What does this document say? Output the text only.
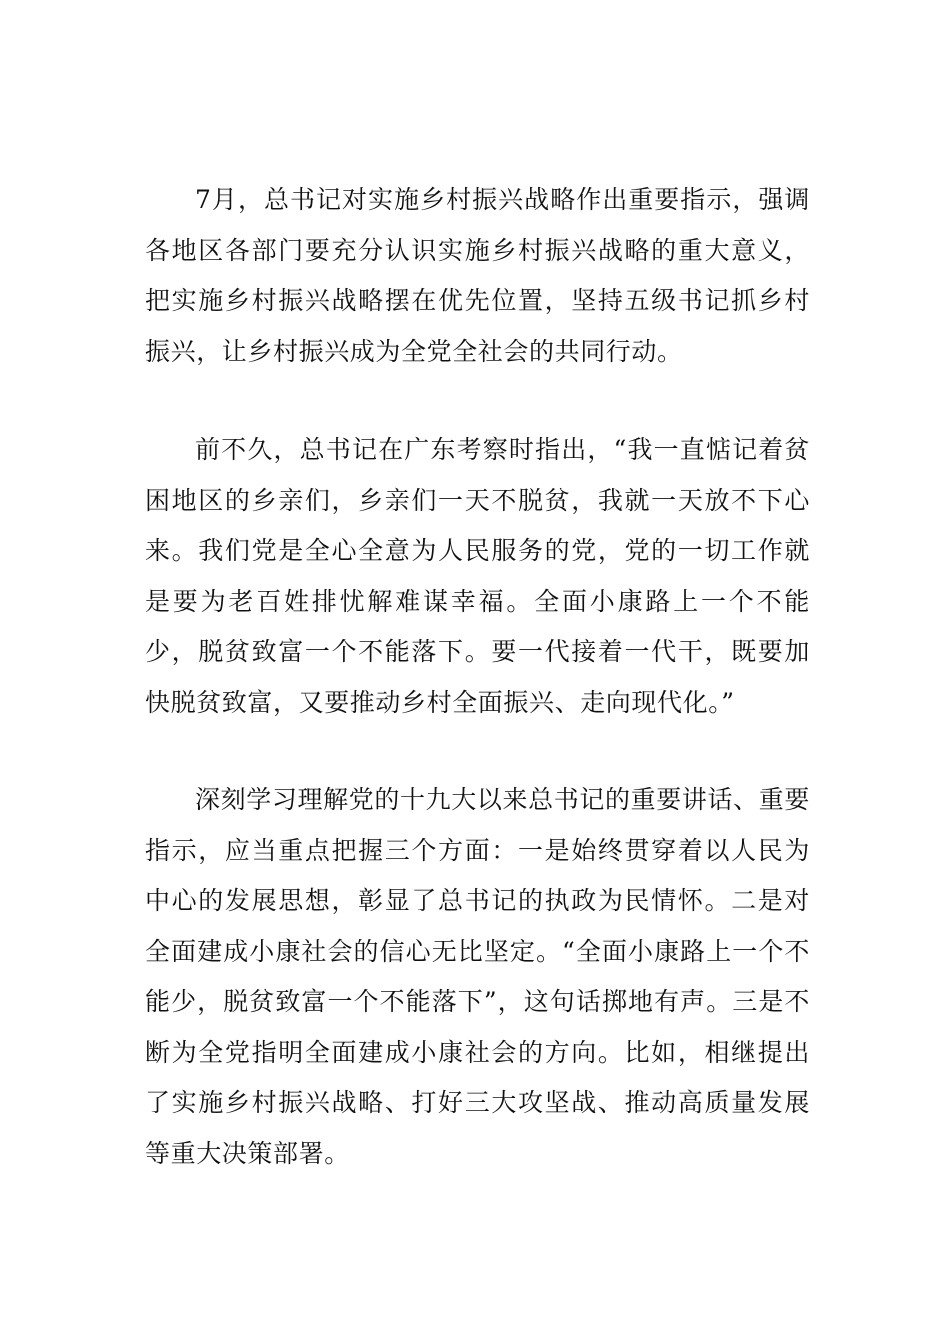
7月，总书记对实施乡村振兴战略作出重要指示，强调各地区各部门要充分认识实施乡村振兴战略的重大意义，把实施乡村振兴战略摆在优先位置，坚持五级书记抓乡村振兴，让乡村振兴成为全党全社会的共同行动。

前不久，总书记在广东考察时指出，“我一直惦记着贫困地区的乡亲们，乡亲们一天不脱贫，我就一天放不下心来。我们党是全心全意为人民服务的党，党的一切工作就是要为老百姓排忧解难谋幸福。全面小康路上一个不能少，脱贫致富一个不能落下。要一代接着一代干，既要加快脱贫致富，又要推动乡村全面振兴、走向现代化。”

深刻学习理解党的十九大以来总书记的重要讲话、重要指示，应当重点把握三个方面：一是始终贯穿着以人民为中心的发展思想，彰显了总书记的执政为民情怀。二是对全面建成小康社会的信心无比坚定。“全面小康路上一个不能少，脱贫致富一个不能落下”，这句话掷地有声。三是不断为全党指明全面建成小康社会的方向。比如，相继提出了实施乡村振兴战略、打好三大攻坚战、推动高质量发展等重大决策部署。
